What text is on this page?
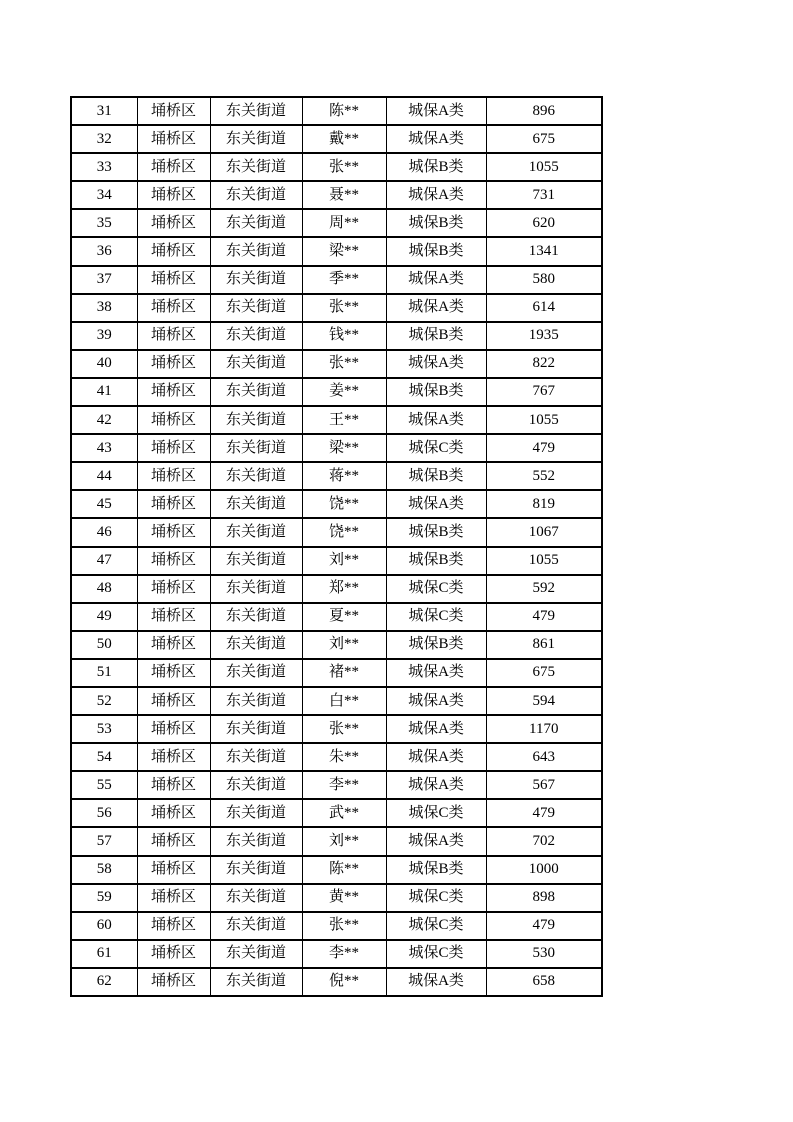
31	埇桥区	东关街道	陈**	城保A类	896
32	埇桥区	东关街道	戴**	城保A类	675
33	埇桥区	东关街道	张**	城保B类	1055
34	埇桥区	东关街道	聂**	城保A类	731
35	埇桥区	东关街道	周**	城保B类	620
36	埇桥区	东关街道	梁**	城保B类	1341
37	埇桥区	东关街道	季**	城保A类	580
38	埇桥区	东关街道	张**	城保A类	614
39	埇桥区	东关街道	钱**	城保B类	1935
40	埇桥区	东关街道	张**	城保A类	822
41	埇桥区	东关街道	姜**	城保B类	767
42	埇桥区	东关街道	王**	城保A类	1055
43	埇桥区	东关街道	梁**	城保C类	479
44	埇桥区	东关街道	蒋**	城保B类	552
45	埇桥区	东关街道	饶**	城保A类	819
46	埇桥区	东关街道	饶**	城保B类	1067
47	埇桥区	东关街道	刘**	城保B类	1055
48	埇桥区	东关街道	郑**	城保C类	592
49	埇桥区	东关街道	夏**	城保C类	479
50	埇桥区	东关街道	刘**	城保B类	861
51	埇桥区	东关街道	褚**	城保A类	675
52	埇桥区	东关街道	白**	城保A类	594
53	埇桥区	东关街道	张**	城保A类	1170
54	埇桥区	东关街道	朱**	城保A类	643
55	埇桥区	东关街道	李**	城保A类	567
56	埇桥区	东关街道	武**	城保C类	479
57	埇桥区	东关街道	刘**	城保A类	702
58	埇桥区	东关街道	陈**	城保B类	1000
59	埇桥区	东关街道	黄**	城保C类	898
60	埇桥区	东关街道	张**	城保C类	479
61	埇桥区	东关街道	李**	城保C类	530
62	埇桥区	东关街道	倪**	城保A类	658
